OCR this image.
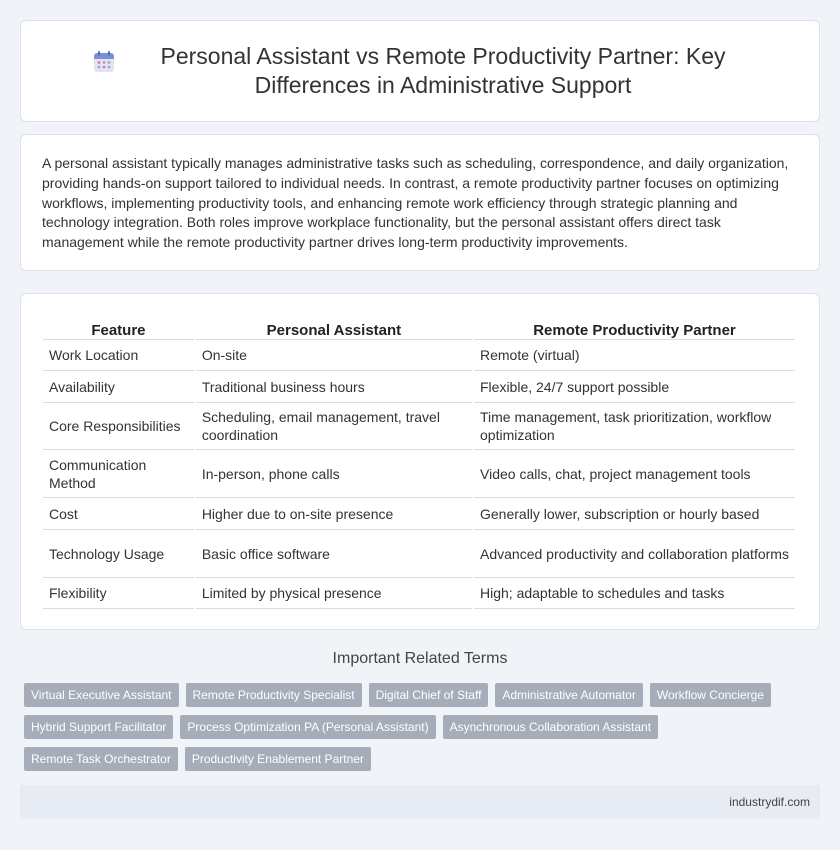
Personal Assistant vs Remote Productivity Partner: Key Differences in Administrative Support

A personal assistant typically manages administrative tasks such as scheduling, correspondence, and daily organization, providing hands-on support tailored to individual needs. In contrast, a remote productivity partner focuses on optimizing workflows, implementing productivity tools, and enhancing remote work efficiency through strategic planning and technology integration. Both roles improve workplace functionality, but the personal assistant offers direct task management while the remote productivity partner drives long-term productivity improvements.

Feature	Personal Assistant	Remote Productivity Partner
Work Location	On-site	Remote (virtual)
Availability	Traditional business hours	Flexible, 24/7 support possible
Core Responsibilities	Scheduling, email management, travel coordination	Time management, task prioritization, workflow optimization
Communication Method	In-person, phone calls	Video calls, chat, project management tools
Cost	Higher due to on-site presence	Generally lower, subscription or hourly based
Technology Usage	Basic office software	Advanced productivity and collaboration platforms
Flexibility	Limited by physical presence	High; adaptable to schedules and tasks
Important Related Terms
Virtual Executive Assistant	Remote Productivity Specialist	Digital Chief of Staff	Administrative Automator	Workflow Concierge
Hybrid Support Facilitator	Process Optimization PA (Personal Assistant)	Asynchronous Collaboration Assistant
Remote Task Orchestrator	Productivity Enablement Partner
industrydif.com
